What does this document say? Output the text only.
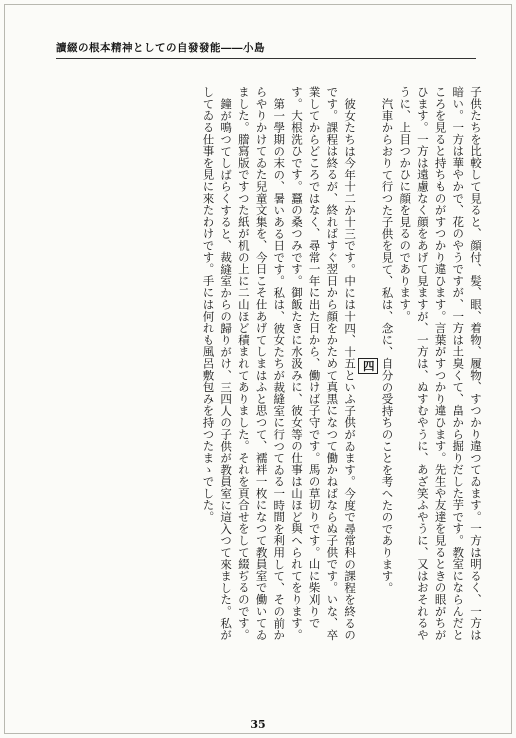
讀綴の根本精神としての自發發能――小島

子供たちを比較して見ると、顔付、髪、眼、着物、履物、すつかり違つてゐます。一方は明るく、一方は暗い。一方は華やかで、花のやうですが、一方は土臭くて、畠から掘りだした芋です。教室にならんだところを見ると持ちものがすつかり違ひます。言葉がすつかり違ひます。先生や友達を見るときの眼がちがひます。一方は遠慮なく顔をあげて見ますが、一方は、ぬすむやうに、あざ笑ふやうに、又はおそれるやうに、上目つかひに顔を見るのであります。

汽車からおりて行つた子供を見て、私は、念に、自分の受持ちのことを考へたのであります。

四

彼女たちは今年十二か十三です。中には十四、十五といふ子供がゐます。今度で尋常科の課程を終るのです。課程は終るが、終ればすぐ翌日から顔をかためて真黒になつて働かねばならぬ子供です。いな、卒業してからどころではなく、尋常一年に出た日から、働けば子守です。馬の草切りです。山に柴刈りです。大根洗ひです。蠶の桑つみです。御飯たきに水汲みに、彼女等の仕事は山ほど與へられてをります。

第一學期の末の、暑いある日です。私は、彼女たちが裁縫室に行つてゐる一時間を利用して、その前からやりかけてゐた兒童文集を、今日こそ仕あげてしまはふと思つて、襦袢一枚になつて教員室で働いてゐました。謄寫版ですつた紙が机の上に二山ほど積まれてありました。それを頁合せをして綴ぢるのです。

鐘が鳴つてしばらくすると、裁縫室からの歸りがけ、三四人の子供が教員室に這入つて來ました。私がしてゐる仕事を見に來たわけです。手には何れも風呂敷包みを持つたまゝでした。

35
